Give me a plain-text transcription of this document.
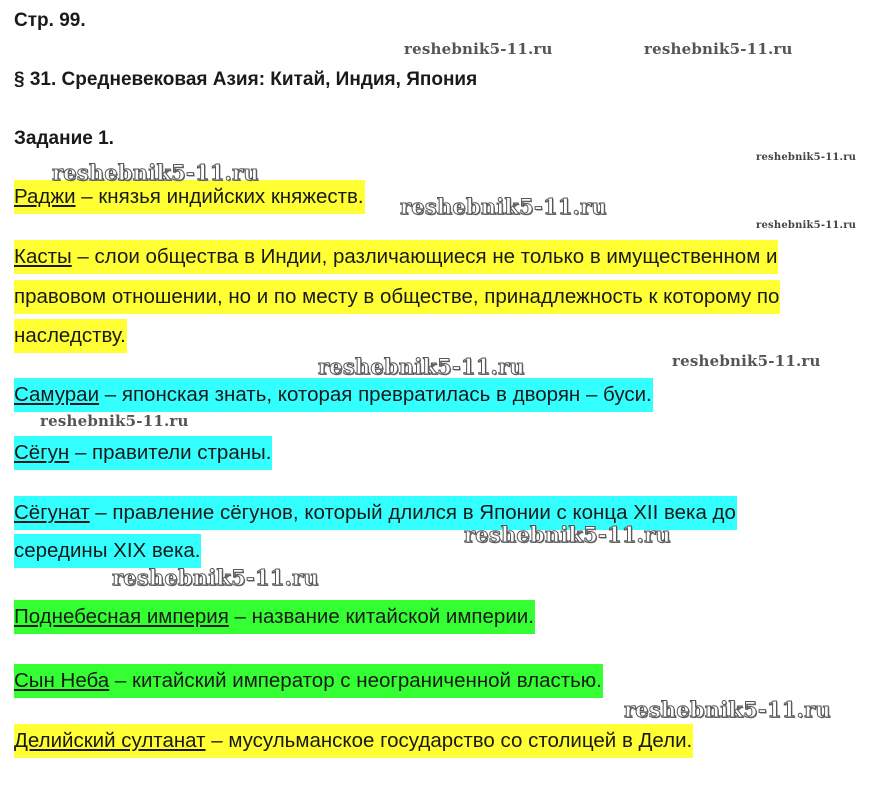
Стр. 99.

§ 31. Средневековая Азия: Китай, Индия, Япония

Задание 1.

Раджи – князья индийских княжеств.

Касты – слои общества в Индии, различающиеся не только в имущественном и

правовом отношении, но и по месту в обществе, принадлежность к которому по

наследству.

Самураи – японская знать, которая превратилась в дворян – буси.

Сёгун – правители страны.

Сёгунат – правление сёгунов, который длился в Японии с конца XII века до

середины XIX века.

Поднебесная империя – название китайской империи.

Сын Неба – китайский император с неограниченной властью.

Делийский султанат – мусульманское государство со столицей в Дели.

reshebnik5-11.ru	reshebnik5-11.ru
reshebnik5-11.ru
reshebnik5-11.ru
reshebnik5-11.ru
reshebnik5-11.ru
reshebnik5-11.ru	reshebnik5-11.ru
reshebnik5-11.ru
reshebnik5-11.ru
reshebnik5-11.ru
reshebnik5-11.ru
